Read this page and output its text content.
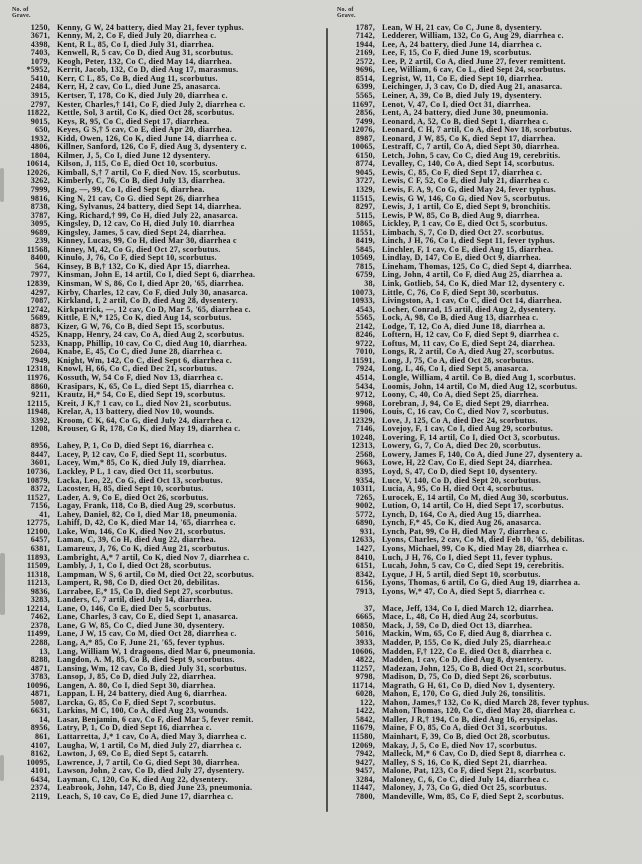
No. of
Grave.
1250, Kenny, G W, 24 battery, died May 21, fever typhus.
3671, Kenny, M, 2, Co F, died July 20, diarrhea c.
4398, Kent, R L, 85, Co I, died July 31, diarrhea.
7403, Kenwell, R, 5 cav, Co D, died Aug 31, scorbutus.
1079, Keogh, Peter, 132, Co C, died May 14, diarrhea.
*5952, Kerrit, Jacob, 132, Co D, died Aug 17, marasmus.
5410, Kerr, C L, 85, Co B, died Aug 11, scorbutus.
2484, Kerr, H, 2 cav, Co L, died June 25, anasarca.
3915, Kertser, T, 178, Co K, died July 20, diarrhea c.
2797, Kester, Charles,† 141, Co F, died July 2, diarrhea c.
11822, Kettle, Sol, 3 artil, Co K, died Oct 28, scorbutus.
9015, Keys, R, 95, Co C, died Sept 17, diarrhea.
650, Keyes, G S,† 5 cav, Co E, died Apr 20, diarrhea.
1932, Kidd, Owen, 126, Co K, died June 14, diarrhea c.
4806, Killner, Sanford, 126, Co F, died Aug 3, dysentery c.
1804, Kilmer, J, 5, Co I, died June 12 dysentery.
10614, Kilson, J, 115, Co E, died Oct 10, scorbutus.
12026, Kimball, S,† 7 artil, Co F, died Nov. 15, scorbutus.
3262, Kimberly, C, 76, Co B, died July 13, diarrhea.
7999, King, —, 99, Co I, died Sept 6, diarrhea.
9816, King N, 21 cav, Co G. died Sept 26, diarrhea
8738, King, Sylvanus, 24 battery, died Sept 14, diarrhea.
3787, King, Richard,† 99, Co H, died July 22, anasarca.
3095, Kingsley, D, 12 cav, Co H, died July 10. diarrhea
9689, Kingsley, James, 5 cav, died Sept 24, diarrhea.
239, Kinney, Lucas, 99, Co H, died Mar 30, diarrhea c
11568, Kinney, M, 42, Co G, died Oct 27, scorbutus.
8400, Kinulo, J, 76, Co F, died Sept 10, scorbutus.
564, Kinsey, B B,† 132, Co K, died Apr 15, diarrhea.
7977, Kinsman, John E, 14 artil, Co I, died Sept 6, diarrhea.
12839, Kinsman, W S, 86, Co I, died Apr 20, '65, diarrhea.
4297, Kirby, Charles, 12 cav, Co F, died July 30, anasarca.
7087, Kirkland, I, 2 artil, Co D, died Aug 28, dysentery.
12742, Kirkpatrick, —, 12 cav, Co D, Mar 5, '65, diarrhea c.
5689, Kittle, E N,* 125, Co K, died Aug 14, scorbutus.
8873, Kizer, G W, 76, Co B, died Sept 15, scorbutus.
4525, Knapp, Henry, 24 cav, Co A, died Aug 2, scorbutus.
5233, Knapp, Phillip, 10 cav, Co C, died Aug 10, diarrhea.
2604, Knabe, E, 45, Co C, died June 28, diarrhea c.
7949, Knight, Wm, 142, Co C, died Sept 6, diarrhea c.
12318, Knowl, H, 66, Co C, died Dec 21, scorbutus.
11976, Kossuth, W, 54 Co F, died Nov 13, diarrhea c.
8860, Krasipars, K, 65, Co L, died Sept 15, diarrhea c.
9211, Krautz, H,* 54, Co E, died Sept 19, scorbutus.
12115, Kreit, J K,† 1 cav, co L, died Nov 21, scorbutus.
11948, Krelar, A, 13 battery, died Nov 10, wounds.
3392, Kroom, C K, 64, Co G, died July 24, diarrhea c.
1208, Krouser, G R, 178, Co K, died May 19, diarrhea c.
8956, Lahey, P, 1, Co D, died Sept 16, diarrhea c.
8447, Lacey, P, 12 cav, Co F, died Sept 11, scorbutus.
3601, Lacey, Wm,* 85, Co K, died July 19, diarrhea.
10736, Lackley, P L, 1 cav, died Oct 11, scorbutus.
10879, Lacka, Leo, 22, Co G, died Oct 13, scorbutus.
8372, Lacoster, H, 85, died Sept 10, scorbutus.
11527, Lader, A. 9, Co E, died Oct 26, scorbutus.
7156, Lagay, Frank, 118, Co B, died Aug 29, scorbutus.
41, Lahey, Daniel, 82, Co I, died Mar 18, pneumonia.
12775, Lahiff, D, 42, Co K, died Mar 14, '65, diarrhea c.
12100, Lake, Wm, 146, Co K, died Nov 21, scorbutus.
6457, Laman, C, 39, Co H, died Aug 22, diarrhea.
6381, Lamareux, J, 76, Co K, died Aug 21, scorbutus.
11893, Lambright, A,* 7 artil, Co K, died Nov 7, diarrhea c.
11509, Lambly, J, 1, Co I, died Oct 28, scorbutus.
11318, Lampman, W S, 6 artil, Co M, died Oct 22, scorbutus.
11213, Lampert, R, 98, Co D, died Oct 20, debilitas.
9836, Larrabee, E,* 15, Co D, died Sept 27, scorbutus.
3283, Landers, C, 7 artil, died July 14, diarrhea.
12214, Lane, O, 146, Co E, died Dec 5, scorbutus.
7462, Lane, Charles, 3 cav, Co E, died Sept 1, anasarca.
2378, Lane, G W, 85, Co C, died June 30, dysentery.
11499, Lane, J W, 15 cav, Co M, died Oct 28, diarrhea c.
2288, Lang, A,* 85, Co F, June 21, '65, fever typhus.
13, Lang, William W, 1 dragoons, died Mar 6, pneumonia.
8288, Langdon, A. M, 85, Co B, died Sept 9, scorbutus.
4871, Lansing, Wm, 12 cav, Co B, died July 31, scorbutus.
3783, Lansop, J, 85, Co D, died July 22, diarrhea.
10096, Langen, A. 80, Co I, died Sept 30, diarrhea.
4871, Lappan, L H, 24 battery, died Aug 6, diarrhea.
5087, Larcka, G, 85, Co F, died Sept 7, scorbutus.
6631, Larkins, M C, 100, Co A, died Aug 23, wounds.
14, Lasar, Benjamin, 6 cav, Co F, died Mar 5, fever remit.
8956, Latry, P, 1, Co D, died Sept 16, diarrhea c.
861, Lattarretta, J,* 1 cav, Co A, died May 3, diarrhea c.
4107, Laugha, W, 1 artil, Co M, died July 27, diarrhea c.
8162, Lawton, J, 69, Co E, died Sept 5, catarrh.
10095, Lawrence, J, 7 artil, Co G, died Sept 30, diarrhea.
4101, Lawson, John, 2 cav, Co D, died July 27, dysentery.
6434, Layman, C, 120, Co K, died Aug 22, dysentery.
2374, Leabrook, John, 147, Co B, died June 23, pneumonia.
2119, Leach, S, 10 cav, Co E, died June 17, diarrhea c.
No. of
Grave.
1787, Lean, W H, 21 cav, Co C, June 8, dysentery.
7142, Ledderer, William, 132, Co G, Aug 29, diarrhea c.
1944, Lee, A, 24 battery, died June 14, diarrhea c.
2169, Lee, F, 15, Co F, died June 19, scorbutus.
2572, Lee, P, 2 artil, Co A, died June 27, fever remittent.
9696, Lee, William, 6 cav, Co L, died Sept 24, scorbutus.
8514, Legrist, W, 11, Co E, died Sept 10, diarrhea.
6399, Leichinger, J, 3 cav, Co D, died Aug 21, anasarca.
5565, Leiner, A, 39, Co B, died July 19, dysentery.
11697, Lenot, V, 47, Co I, died Oct 31, diarrhea.
2856, Lent, A, 24 battery, died June 30, pneumonia.
7499, Leonard, A, 52, Co B, died Sept 1, diarrhea c.
12076, Leonard, C H, 7 artil, Co A, died Nov 18, scorbutus.
8987, Leonard, J W, 85, Co K, died Sept 17, diarrhea.
10065, Lestraff, C, 7 artil, Co A, died Sept 30, diarrhea.
6150, Letch, John, 5 cav, Co C, died Aug 19, cerebritis.
8774, Levalley, C, 140, Co A, died Sept 14, scorbutus.
9045, Lewis, C, 85, Co F, died Sept 17, diarrhea c.
3727, Lewis, C F, 52, Co E, died July 21, diarrhea c.
1329, Lewis, F. A, 9, Co G, died May 24, fever typhus.
11515, Lewis, G W, 146, Co G, died Nov 5, scorbutus.
8297, Lewis, J, 1 artil, Co E, died Sept 9, bronchitis.
5115, Lewis, P W, 85, Co B, died Aug 9, diarrhea.
10865, Lickley, P, 1 cav, Co E, died Oct 5, scorbutus.
11551, Limbach, S, 7, Co D, died Oct 27. scorbutus.
8419, Linch, J H, 76, Co I, died Sept 11, fever typhus.
5845, Linchler, F, 1 cav, Co E, died Aug 15, diarrhea.
10569, Lindlay, D, 147, Co E, died Oct 9, diarrhea.
7815, Lineham, Thomas, 125, Co C, died Sept 4, diarrhea.
6759, Ling, John, 4 artil, Co F, died Aug 25, diarrhea a.
38, Link, Gotlieb, 54, Co K, died Mar 12, dysentery c.
10073, Little, C, 76, Co F, died Sept 30, scorbutus.
10933, Livingston, A, 1 cav, Co C, died Oct 14, diarrhea.
4543, Locher, Conrad, 15 artil, died Aug 2, dysentery.
5565, Lock, A, 98, Co B, died Aug 13, diarrhea c.
2142, Lodge, T, 12, Co A, died June 18, diarrhea a.
8246, Loftern, H, 12 cav, Co F, died Sept 9, diarrhea c.
9722, Loftus, M, 11 cav, Co E, died Sept 24, diarrhea.
7010, Longs, R, 2 artil, Co A, died Aug 27, scorbutus.
11591, Long, J, 75, Co A, died Oct 28, scorbutus.
7924, Long, L, 46, Co I, died Sept 5, anasarca.
4514, Longle, William, 4 artil. Co B, died Aug 1, scorbutus.
5434, Loomis, John, 14 artil, Co M, died Aug 12, scorbutus.
9712, Loony, C, 40, Co A, died Sept 25, diarrhea.
9968, Lorebran, J, 94, Co E, died Sept 29, diarrhea.
11906, Louis, C, 16 cav, Co C, died Nov 7, scorbutus.
12329, Love, J, 125, Co A, died Dec 24, scorbutus.
7146, Lovejoy, F, 1 cav, Co I, died Aug 29, scorbutus.
10248, Lovering, F, 14 artil, Co I, died Oct 3, scorbutus.
12313, Lowery, G, 7, Co A, died Dec 20, scorbutus.
2568, Lowery, James F, 140, Co A, died June 27, dysentery a.
9663, Lowe, H, 22 Cav, Co E, died Sept 24, diarrhea.
8395, Loyd, S, 47, Co D, died Sept 10, dysentery.
9354, Luce, V, 140, Co D, died Sept 20, scorbutus.
10311, Lucia, A, 95, Co H, died Oct 4, scorbutus.
7265, Lurocek, E, 14 artil, Co M, died Aug 30, scorbutus.
9002, Lution, O, 14 artil, Co H, died Sept 17, scorbutus.
5772, Lynch, D, 164, Co A, died Aug 15, diarrhea.
6890, Lynch, F,* 45, Co K, died Aug 26, anasarca.
931, Lynch, Pat, 99, Co H, died May 7, diarrhea c.
12633, Lyons, Charles, 2 cav, Co M, died Feb 10, '65, debilitas.
1427, Lyons, Michael, 99, Co K, died May 28, diarrhea c.
8410, Luch, J H, 76, Co I, died Sept 11, fever typhus.
6151, Lucah, John, 5 cav, Co C, died Sept 19, cerebritis.
8342, Lyque, J H, 5 artil, died Sept 10, scorbutus.
6156, Lyons, Thomas, 6 artil, Co G, died Aug 19, diarrhea a.
7913, Lyons, W,* 47, Co A, died Sept 5, diarrhea c.
37, Mace, Jeff, 134, Co I, died March 12, diarrhea.
6665, Mace, L, 48, Co H, died Aug 24, scorbutus.
10850, Mack, J, 59, Co D, died Oct 13, diarrhea.
5016, Mackin, Wm, 65, Co F, died Aug 8, diarrhea c.
3933, Madder, P, 155, Co K, died July 25, diarrhea.c
10606, Madden, F,† 122, Co E, died Oct 8, diarrhea c.
4822, Madden, 1 cav, Co D, died Aug 8, dysentery.
11257, Madezan, John, 125, Co B, died Oct 21, scorbutus.
9798, Madison, D, 75, Co D, died Sept 26, scorbutus.
11714, Magrath, G H, 61, Co D, died Nov 1, dysentery.
6028, Mahon, E, 170, Co G, died July 26, tonsilitis.
122, Mahon, James,† 132, Co K, died March 28, fever typhus.
1422, Mahon, Thomas, 120, Co C, died May 28, diarrhea c.
5842, Maller, J R,† 194, Co B, died Aug 16, erysipelas.
11679, Maine, F O, 85, Co A, died Oct 31, scorbutus.
11580, Mainhart, F, 39, Co B, died Oct 28, scorbutus.
12069, Makay, J, 5, Co E, died Nov 17, scorbutus.
7942, Malleck, M,* 6 Cav, Co D, died Sept 8, diarrhea c.
9427, Malley, S S, 16, Co K, died Sept 21, diarrhea.
9457, Malone, Pat, 123, Co F, died Sept 21, scorbutus.
3284, Maloney, C, 6, Co C, died July 14, diarrhea c.
11447, Maloney, J, 73, Co G, died Oct 25, scorbutus.
7800, Mandeville, Wm, 85, Co F, died Sept 2, scorbutus.
